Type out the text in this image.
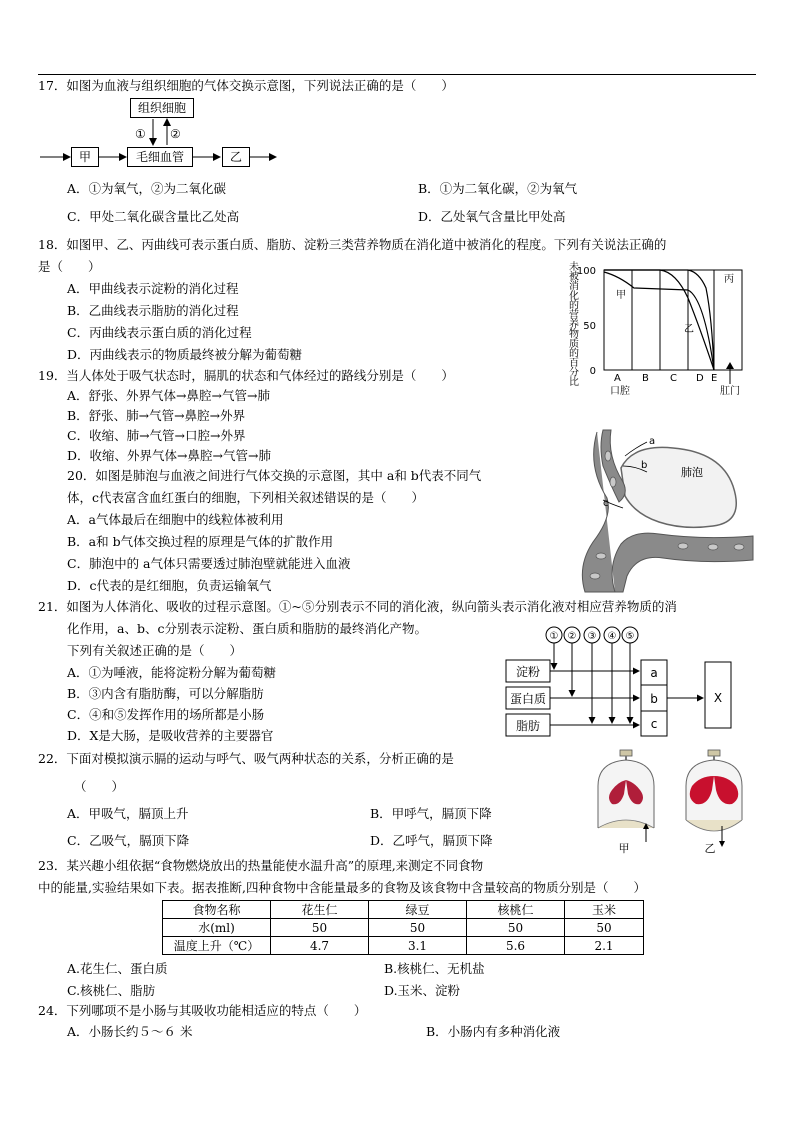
17．如图为血液与组织细胞的气体交换示意图，下列说法正确的是（　　）
组织细胞
① ②
甲	毛细血管	乙
A．①为氧气，②为二氧化碳	B．①为二氧化碳，②为氧气
C．甲处二氧化碳含量比乙处高	D．乙处氧气含量比甲处高
18．如图甲、乙、丙曲线可表示蛋白质、脂肪、淀粉三类营养物质在消化道中被消化的程度。下列有关说法正确的
是（　　）
A．甲曲线表示淀粉的消化过程
B．乙曲线表示脂肪的消化过程
C．丙曲线表示蛋白质的消化过程
D．丙曲线表示的物质最终被分解为葡萄糖
未
被
消
化
的
营
养
物
质
的
百
分
比
100
50
0
甲
丙
乙
A B C D E
口腔	肛门
19．当人体处于吸气状态时，膈肌的状态和气体经过的路线分别是（　　）
A．舒张、外界气体→鼻腔→气管→肺
B．舒张、肺→气管→鼻腔→外界
C．收缩、肺→气管→口腔→外界
D．收缩、外界气体→鼻腔→气管→肺
20．如图是肺泡与血液之间进行气体交换的示意图，其中 a和 b代表不同气
体，c代表富含血红蛋白的细胞，下列相关叙述错误的是（　　）
A．a气体最后在细胞中的线粒体被利用
B．a和 b气体交换过程的原理是气体的扩散作用
C．肺泡中的 a气体只需要透过肺泡壁就能进入血液
D．c代表的是红细胞，负责运输氧气
a
b
c
肺泡
21．如图为人体消化、吸收的过程示意图。①~⑤分别表示不同的消化液，纵向箭头表示消化液对相应营养物质的消
化作用，a、b、c分别表示淀粉、蛋白质和脂肪的最终消化产物。
下列有关叙述正确的是（　　）
A．①为唾液，能将淀粉分解为葡萄糖
B．③内含有脂肪酶，可以分解脂肪
C．④和⑤发挥作用的场所都是小肠
D．X是大肠，是吸收营养的主要器官
① ② ③ ④ ⑤
淀粉
蛋白质
脂肪
a
b
c
X
22．下面对模拟演示膈的运动与呼气、吸气两种状态的关系，分析正确的是
（　　）
A．甲吸气，膈顶上升	B．甲呼气，膈顶下降
C．乙吸气，膈顶下降	D．乙呼气，膈顶下降
甲	乙
23．某兴趣小组依据“食物燃烧放出的热量能使水温升高”的原理,来测定不同食物
中的能量,实验结果如下表。据表推断,四种食物中含能量最多的食物及该食物中含量较高的物质分别是（　　）
食物名称	花生仁	绿豆	核桃仁	玉米
水(ml)	50	50	50	50
温度上升（℃）	4.7	3.1	5.6	2.1
A.花生仁、蛋白质	B.核桃仁、无机盐
C.核桃仁、脂肪	D.玉米、淀粉
24．下列哪项不是小肠与其吸收功能相适应的特点（　　）
A．小肠长约５～６ 米	B．小肠内有多种消化液
